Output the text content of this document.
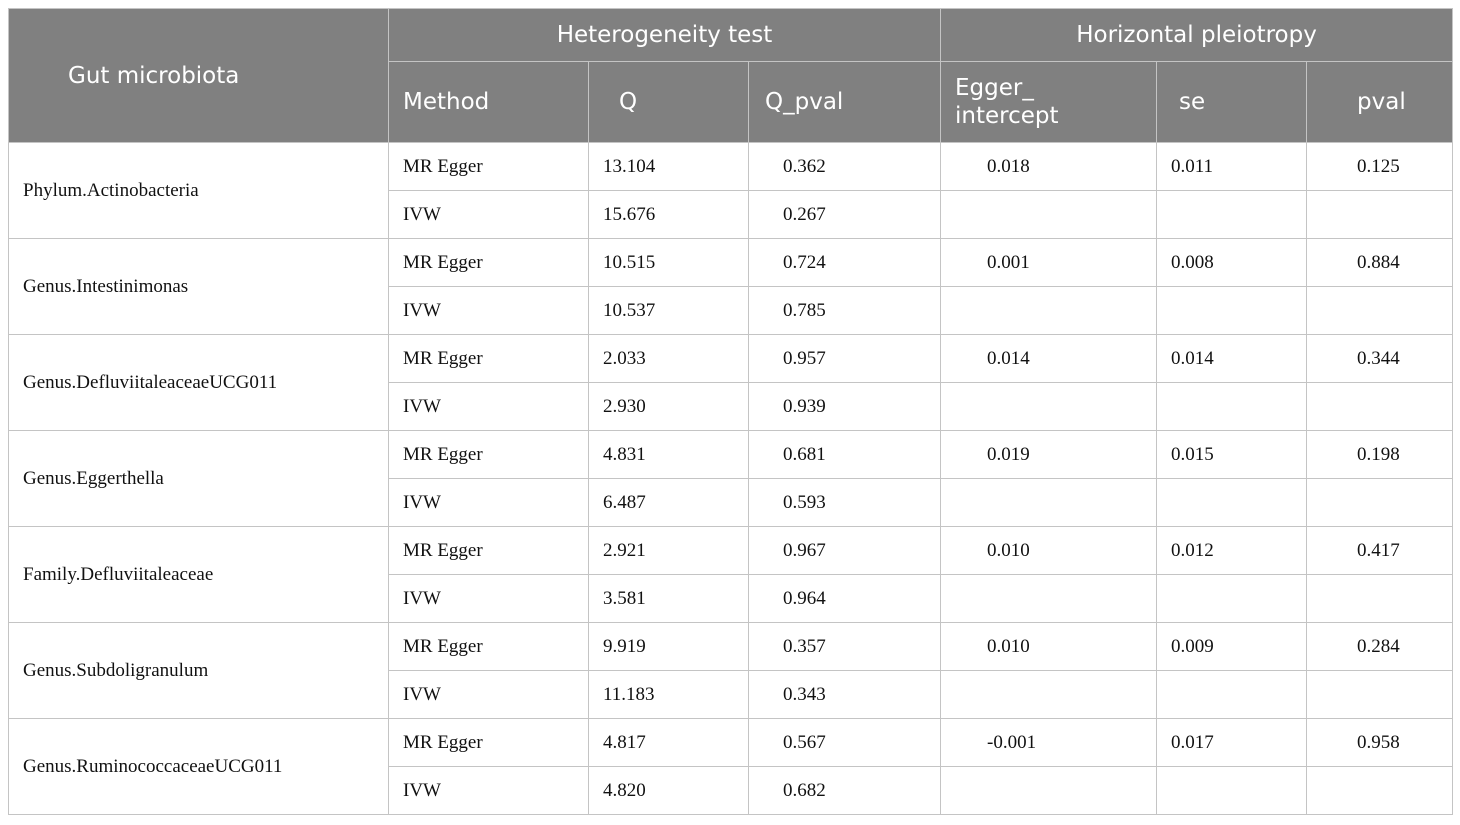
Gut microbiota	Heterogeneity test			Horizontal pleiotropy		
	Method	Q	Q_pval	Egger_ intercept	se	pval
Phylum.Actinobacteria	MR Egger	13.104	0.362	0.018	0.011	0.125
	IVW	15.676	0.267			
Genus.Intestinimonas	MR Egger	10.515	0.724	0.001	0.008	0.884
	IVW	10.537	0.785			
Genus.DefluviitaleaceaeUCG011	MR Egger	2.033	0.957	0.014	0.014	0.344
	IVW	2.930	0.939			
Genus.Eggerthella	MR Egger	4.831	0.681	0.019	0.015	0.198
	IVW	6.487	0.593			
Family.Defluviitaleaceae	MR Egger	2.921	0.967	0.010	0.012	0.417
	IVW	3.581	0.964			
Genus.Subdoligranulum	MR Egger	9.919	0.357	0.010	0.009	0.284
	IVW	11.183	0.343			
Genus.RuminococcaceaeUCG011	MR Egger	4.817	0.567	-0.001	0.017	0.958
	IVW	4.820	0.682			
